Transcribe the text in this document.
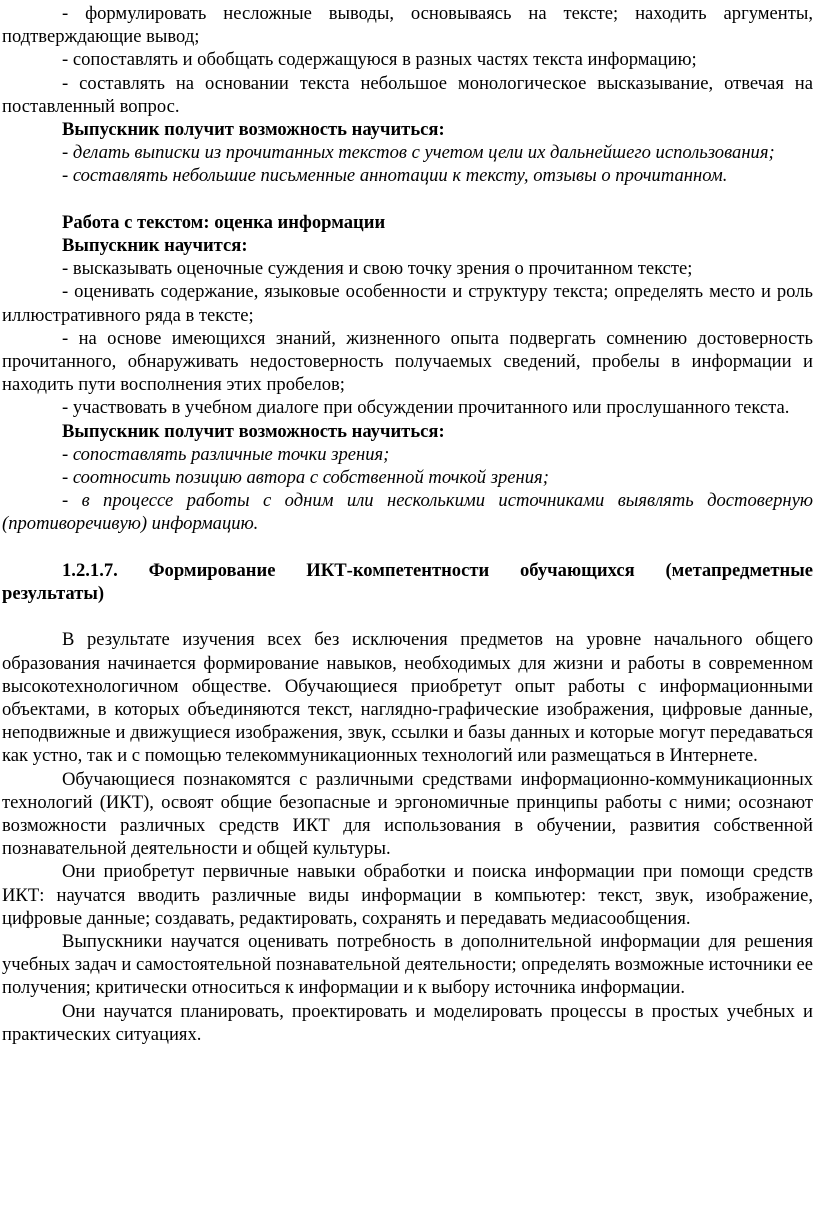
- формулировать несложные выводы, основываясь на тексте; находить аргументы, подтверждающие вывод;

- сопоставлять и обобщать содержащуюся в разных частях текста информацию;

- составлять на основании текста небольшое монологическое высказывание, отвечая на поставленный вопрос.

Выпускник получит возможность научиться:

- делать выписки из прочитанных текстов с учетом цели их дальнейшего использования;

- составлять небольшие письменные аннотации к тексту, отзывы о прочитанном.

Работа с текстом: оценка информации

Выпускник научится:

- высказывать оценочные суждения и свою точку зрения о прочитанном тексте;

- оценивать содержание, языковые особенности и структуру текста; определять место и роль иллюстративного ряда в тексте;

- на основе имеющихся знаний, жизненного опыта подвергать сомнению достоверность прочитанного, обнаруживать недостоверность получаемых сведений, пробелы в информации и находить пути восполнения этих пробелов;

- участвовать в учебном диалоге при обсуждении прочитанного или прослушанного текста.

Выпускник получит возможность научиться:

- сопоставлять различные точки зрения;

- соотносить позицию автора с собственной точкой зрения;

- в процессе работы с одним или несколькими источниками выявлять достоверную (противоречивую) информацию.

1.2.1.7. Формирование ИКТ-компетентности обучающихся (метапредметные результаты)

В результате изучения всех без исключения предметов на уровне начального общего образования начинается формирование навыков, необходимых для жизни и работы в современном высокотехнологичном обществе. Обучающиеся приобретут опыт работы с информационными объектами, в которых объединяются текст, наглядно-графические изображения, цифровые данные, неподвижные и движущиеся изображения, звук, ссылки и базы данных и которые могут передаваться как устно, так и с помощью телекоммуникационных технологий или размещаться в Интернете.

Обучающиеся познакомятся с различными средствами информационно-коммуникационных технологий (ИКТ), освоят общие безопасные и эргономичные принципы работы с ними; осознают возможности различных средств ИКТ для использования в обучении, развития собственной познавательной деятельности и общей культуры.

Они приобретут первичные навыки обработки и поиска информации при помощи средств ИКТ: научатся вводить различные виды информации в компьютер: текст, звук, изображение, цифровые данные; создавать, редактировать, сохранять и передавать медиасообщения.

Выпускники научатся оценивать потребность в дополнительной информации для решения учебных задач и самостоятельной познавательной деятельности; определять возможные источники ее получения; критически относиться к информации и к выбору источника информации.

Они научатся планировать, проектировать и моделировать процессы в простых учебных и практических ситуациях.
